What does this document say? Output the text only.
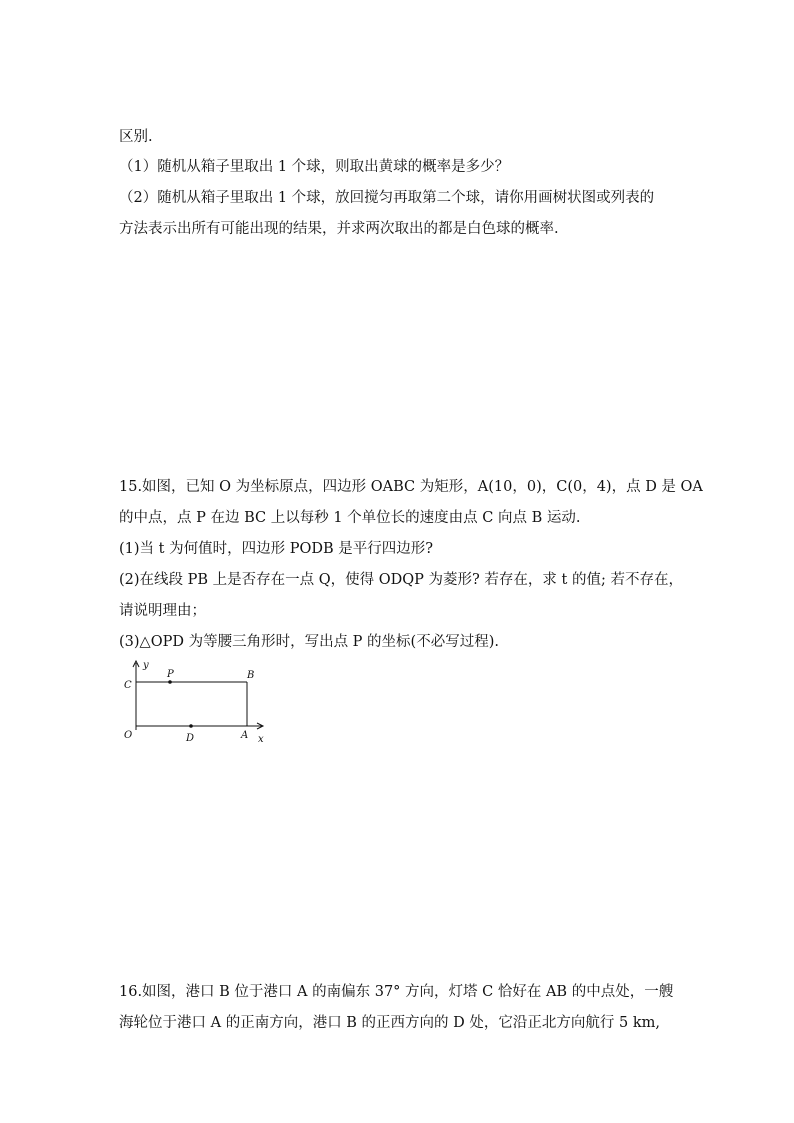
区别.
（1）随机从箱子里取出 1 个球，则取出黄球的概率是多少？
（2）随机从箱子里取出 1 个球，放回搅匀再取第二个球，请你用画树状图或列表的
方法表示出所有可能出现的结果，并求两次取出的都是白色球的概率.
15.如图，已知 O 为坐标原点，四边形 OABC 为矩形，A(10，0)，C(0，4)，点 D 是 OA
的中点，点 P 在边 BC 上以每秒 1 个单位长的速度由点 C 向点 B 运动.
(1)当 t 为何值时，四边形 PODB 是平行四边形?
(2)在线段 PB 上是否存在一点 Q，使得 ODQP 为菱形? 若存在，求 t 的值; 若不存在，
请说明理由；
(3)△OPD 为等腰三角形时，写出点 P 的坐标(不必写过程).
y
C
P	B
O	D	A x
16.如图，港口 B 位于港口 A 的南偏东 37° 方向，灯塔 C 恰好在 AB 的中点处，一艘
海轮位于港口 A 的正南方向，港口 B 的正西方向的 D 处，它沿正北方向航行 5 km,
